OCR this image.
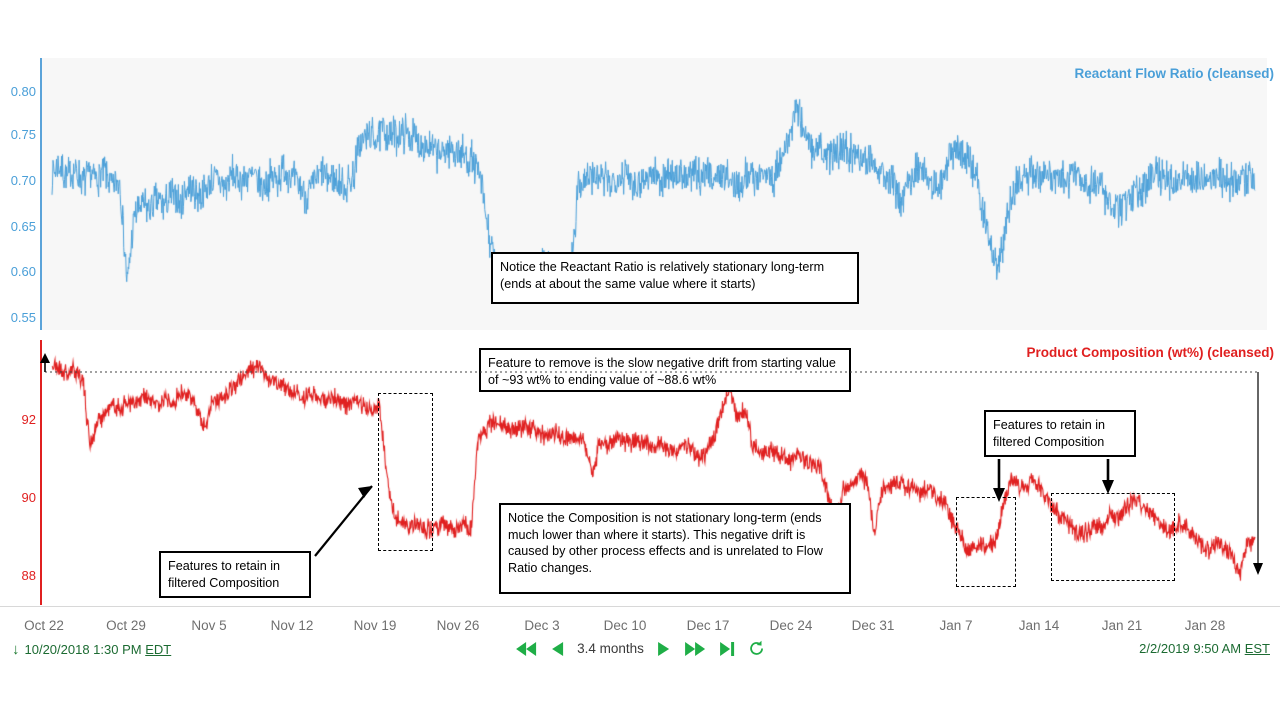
Reactant Flow Ratio (cleansed)
0.80
0.75
0.70
0.65
0.60
0.55
Notice the Reactant Ratio is relatively stationary long-term (ends at about the same value where it starts)
Product Composition (wt%) (cleansed)
92
90
88
Feature to remove is the slow negative drift from starting value of ~93 wt% to ending value of ~88.6 wt%
Notice the Composition is not stationary long-term (ends much lower than where it starts). This negative drift is caused by other process effects and is unrelated to Flow Ratio changes.
Features to retain in filtered Composition
Features to retain in filtered Composition
Oct 22	Oct 29	Nov 5	Nov 12	Nov 19	Nov 26	Dec 3	Dec 10	Dec 17	Dec 24	Dec 31	Jan 7	Jan 14	Jan 21	Jan 28
↓ 10/20/2018 1:30 PM EDT	3.4 months	2/2/2019 9:50 AM EST
